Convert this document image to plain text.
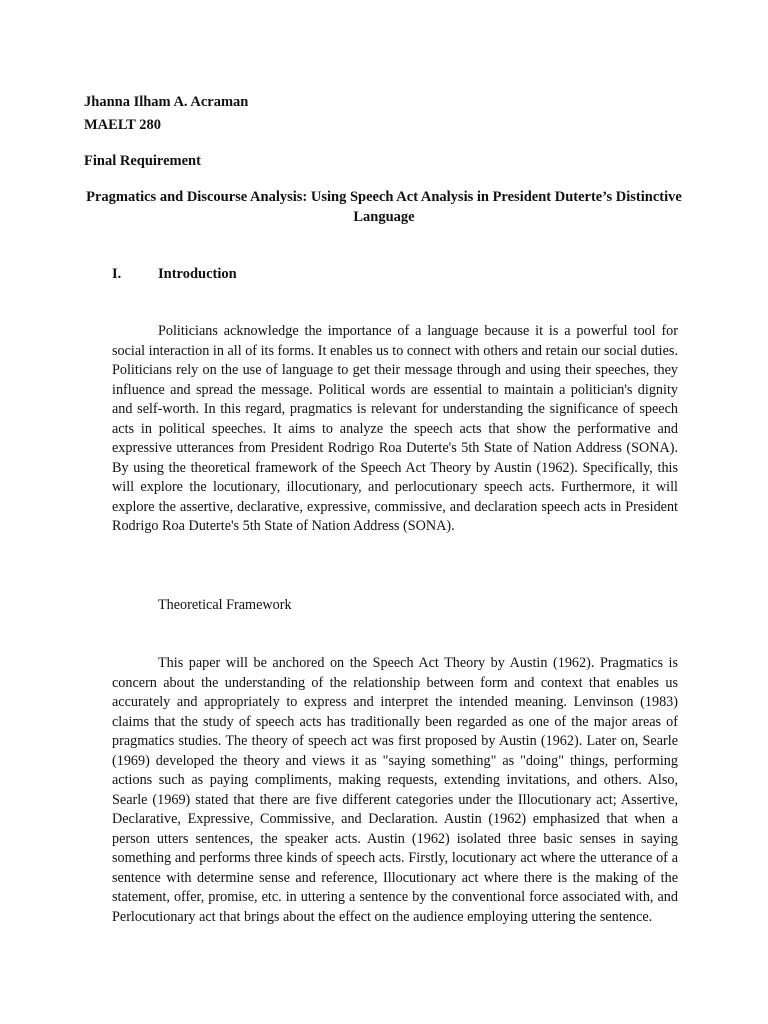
Jhanna Ilham A. Acraman
MAELT 280
Final Requirement
Pragmatics and Discourse Analysis: Using Speech Act Analysis in President Duterte’s Distinctive Language
I.	Introduction

Politicians acknowledge the importance of a language because it is a powerful tool for social interaction in all of its forms. It enables us to connect with others and retain our social duties. Politicians rely on the use of language to get their message through and using their speeches, they influence and spread the message. Political words are essential to maintain a politician's dignity and self-worth. In this regard, pragmatics is relevant for understanding the significance of speech acts in political speeches. It aims to analyze the speech acts that show the performative and expressive utterances from President Rodrigo Roa Duterte's 5th State of Nation Address (SONA). By using the theoretical framework of the Speech Act Theory by Austin (1962). Specifically, this will explore the locutionary, illocutionary, and perlocutionary speech acts. Furthermore, it will explore the assertive, declarative, expressive, commissive, and declaration speech acts in President Rodrigo Roa Duterte's 5th State of Nation Address (SONA).

Theoretical Framework

This paper will be anchored on the Speech Act Theory by Austin (1962). Pragmatics is concern about the understanding of the relationship between form and context that enables us accurately and appropriately to express and interpret the intended meaning. Lenvinson (1983) claims that the study of speech acts has traditionally been regarded as one of the major areas of pragmatics studies. The theory of speech act was first proposed by Austin (1962). Later on, Searle (1969) developed the theory and views it as "saying something" as "doing" things, performing actions such as paying compliments, making requests, extending invitations, and others. Also, Searle (1969) stated that there are five different categories under the Illocutionary act; Assertive, Declarative, Expressive, Commissive, and Declaration. Austin (1962) emphasized that when a person utters sentences, the speaker acts. Austin (1962) isolated three basic senses in saying something and performs three kinds of speech acts. Firstly, locutionary act where the utterance of a sentence with determine sense and reference, Illocutionary act where there is the making of the statement, offer, promise, etc. in uttering a sentence by the conventional force associated with, and Perlocutionary act that brings about the effect on the audience employing uttering the sentence.
